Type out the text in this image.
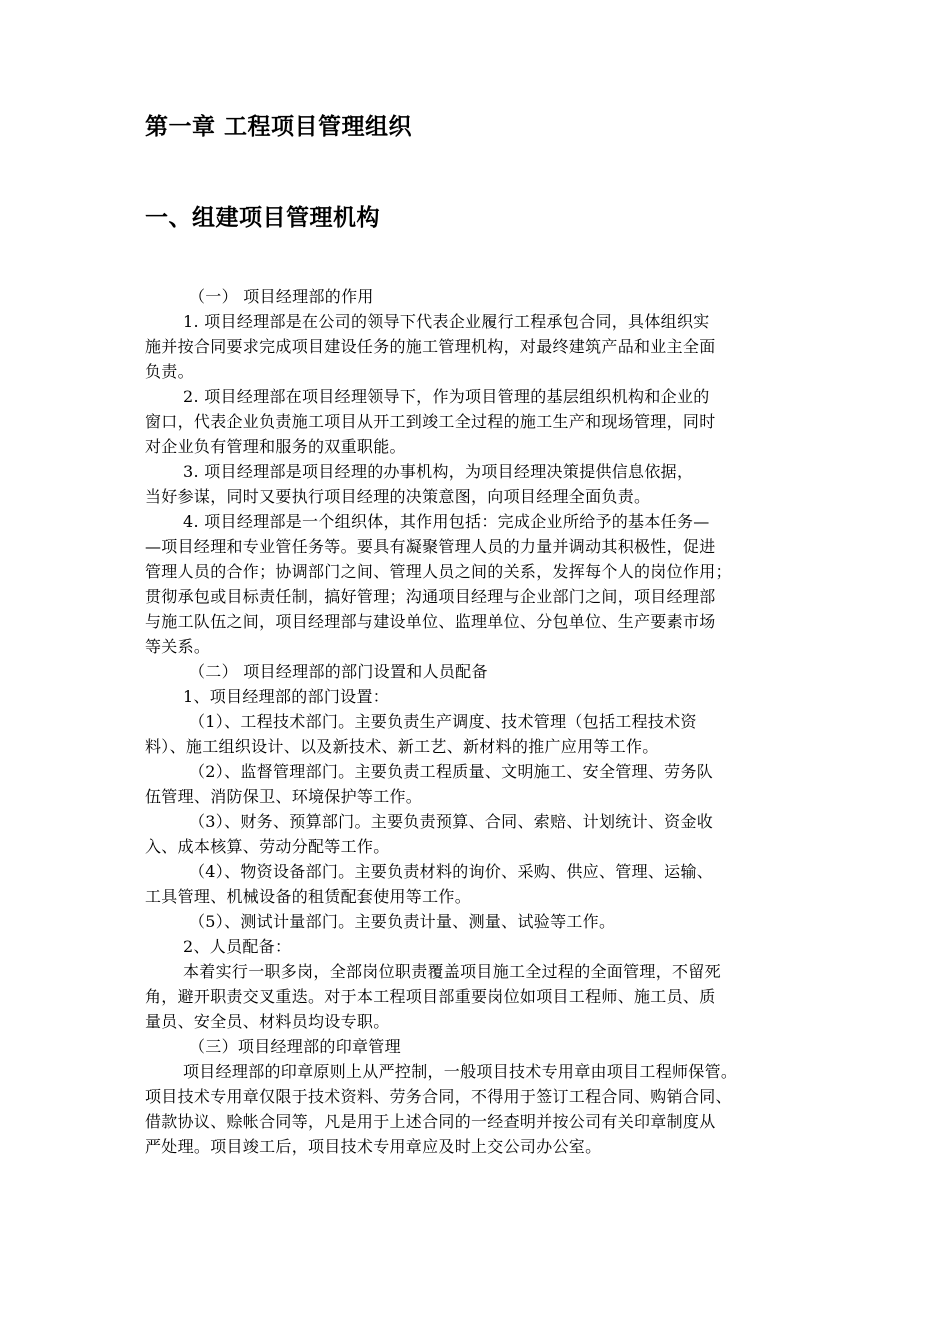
第一章 工程项目管理组织
一、组建项目管理机构
（一） 项目经理部的作用
1. 项目经理部是在公司的领导下代表企业履行工程承包合同，具体组织实
施并按合同要求完成项目建设任务的施工管理机构，对最终建筑产品和业主全面
负责。
2. 项目经理部在项目经理领导下，作为项目管理的基层组织机构和企业的
窗口，代表企业负责施工项目从开工到竣工全过程的施工生产和现场管理，同时
对企业负有管理和服务的双重职能。
3. 项目经理部是项目经理的办事机构，为项目经理决策提供信息依据，
当好参谋，同时又要执行项目经理的决策意图，向项目经理全面负责。
4. 项目经理部是一个组织体，其作用包括：完成企业所给予的基本任务—
—项目经理和专业管任务等。要具有凝聚管理人员的力量并调动其积极性，促进
管理人员的合作；协调部门之间、管理人员之间的关系，发挥每个人的岗位作用；
贯彻承包或目标责任制，搞好管理；沟通项目经理与企业部门之间，项目经理部
与施工队伍之间，项目经理部与建设单位、监理单位、分包单位、生产要素市场
等关系。
（二） 项目经理部的部门设置和人员配备
1、项目经理部的部门设置：
（1）、工程技术部门。主要负责生产调度、技术管理（包括工程技术资
料）、施工组织设计、以及新技术、新工艺、新材料的推广应用等工作。
（2）、监督管理部门。主要负责工程质量、文明施工、安全管理、劳务队
伍管理、消防保卫、环境保护等工作。
（3）、财务、预算部门。主要负责预算、合同、索赔、计划统计、资金收
入、成本核算、劳动分配等工作。
（4）、物资设备部门。主要负责材料的询价、采购、供应、管理、运输、
工具管理、机械设备的租赁配套使用等工作。
（5）、测试计量部门。主要负责计量、测量、试验等工作。
2、人员配备：
本着实行一职多岗，全部岗位职责覆盖项目施工全过程的全面管理，不留死
角，避开职责交叉重迭。对于本工程项目部重要岗位如项目工程师、施工员、质
量员、安全员、材料员均设专职。
（三）项目经理部的印章管理
项目经理部的印章原则上从严控制，一般项目技术专用章由项目工程师保管。
项目技术专用章仅限于技术资料、劳务合同，不得用于签订工程合同、购销合同、
借款协议、赊帐合同等，凡是用于上述合同的一经查明并按公司有关印章制度从
严处理。项目竣工后，项目技术专用章应及时上交公司办公室。
